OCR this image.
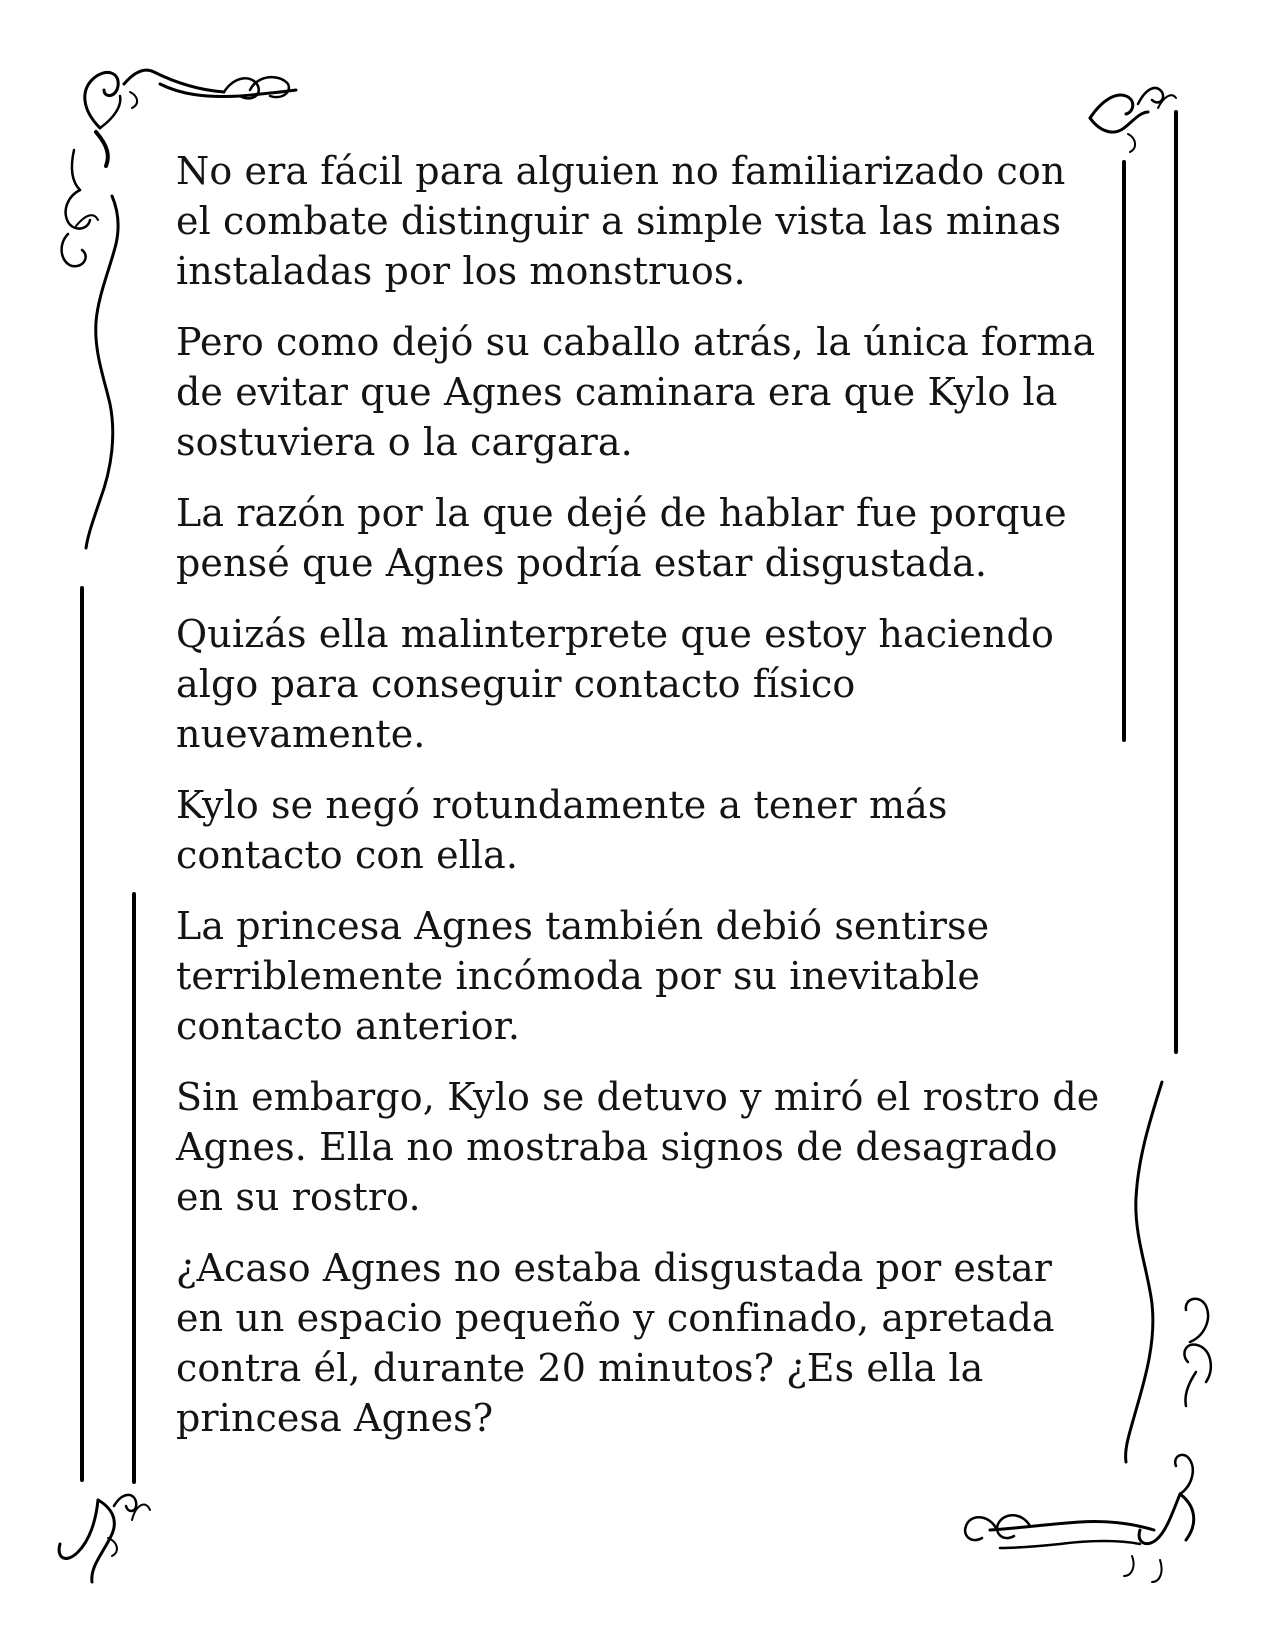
No era fácil para alguien no familiarizado con el combate distinguir a simple vista las minas instaladas por los monstruos.

Pero como dejó su caballo atrás, la única forma de evitar que Agnes caminara era que Kylo la sostuviera o la cargara.

La razón por la que dejé de hablar fue porque pensé que Agnes podría estar disgustada.

Quizás ella malinterprete que estoy haciendo algo para conseguir contacto físico nuevamente.

Kylo se negó rotundamente a tener más contacto con ella.

La princesa Agnes también debió sentirse terriblemente incómoda por su inevitable contacto anterior.

Sin embargo, Kylo se detuvo y miró el rostro de Agnes. Ella no mostraba signos de desagrado en su rostro.

¿Acaso Agnes no estaba disgustada por estar en un espacio pequeño y confinado, apretada contra él, durante 20 minutos? ¿Es ella la princesa Agnes?
